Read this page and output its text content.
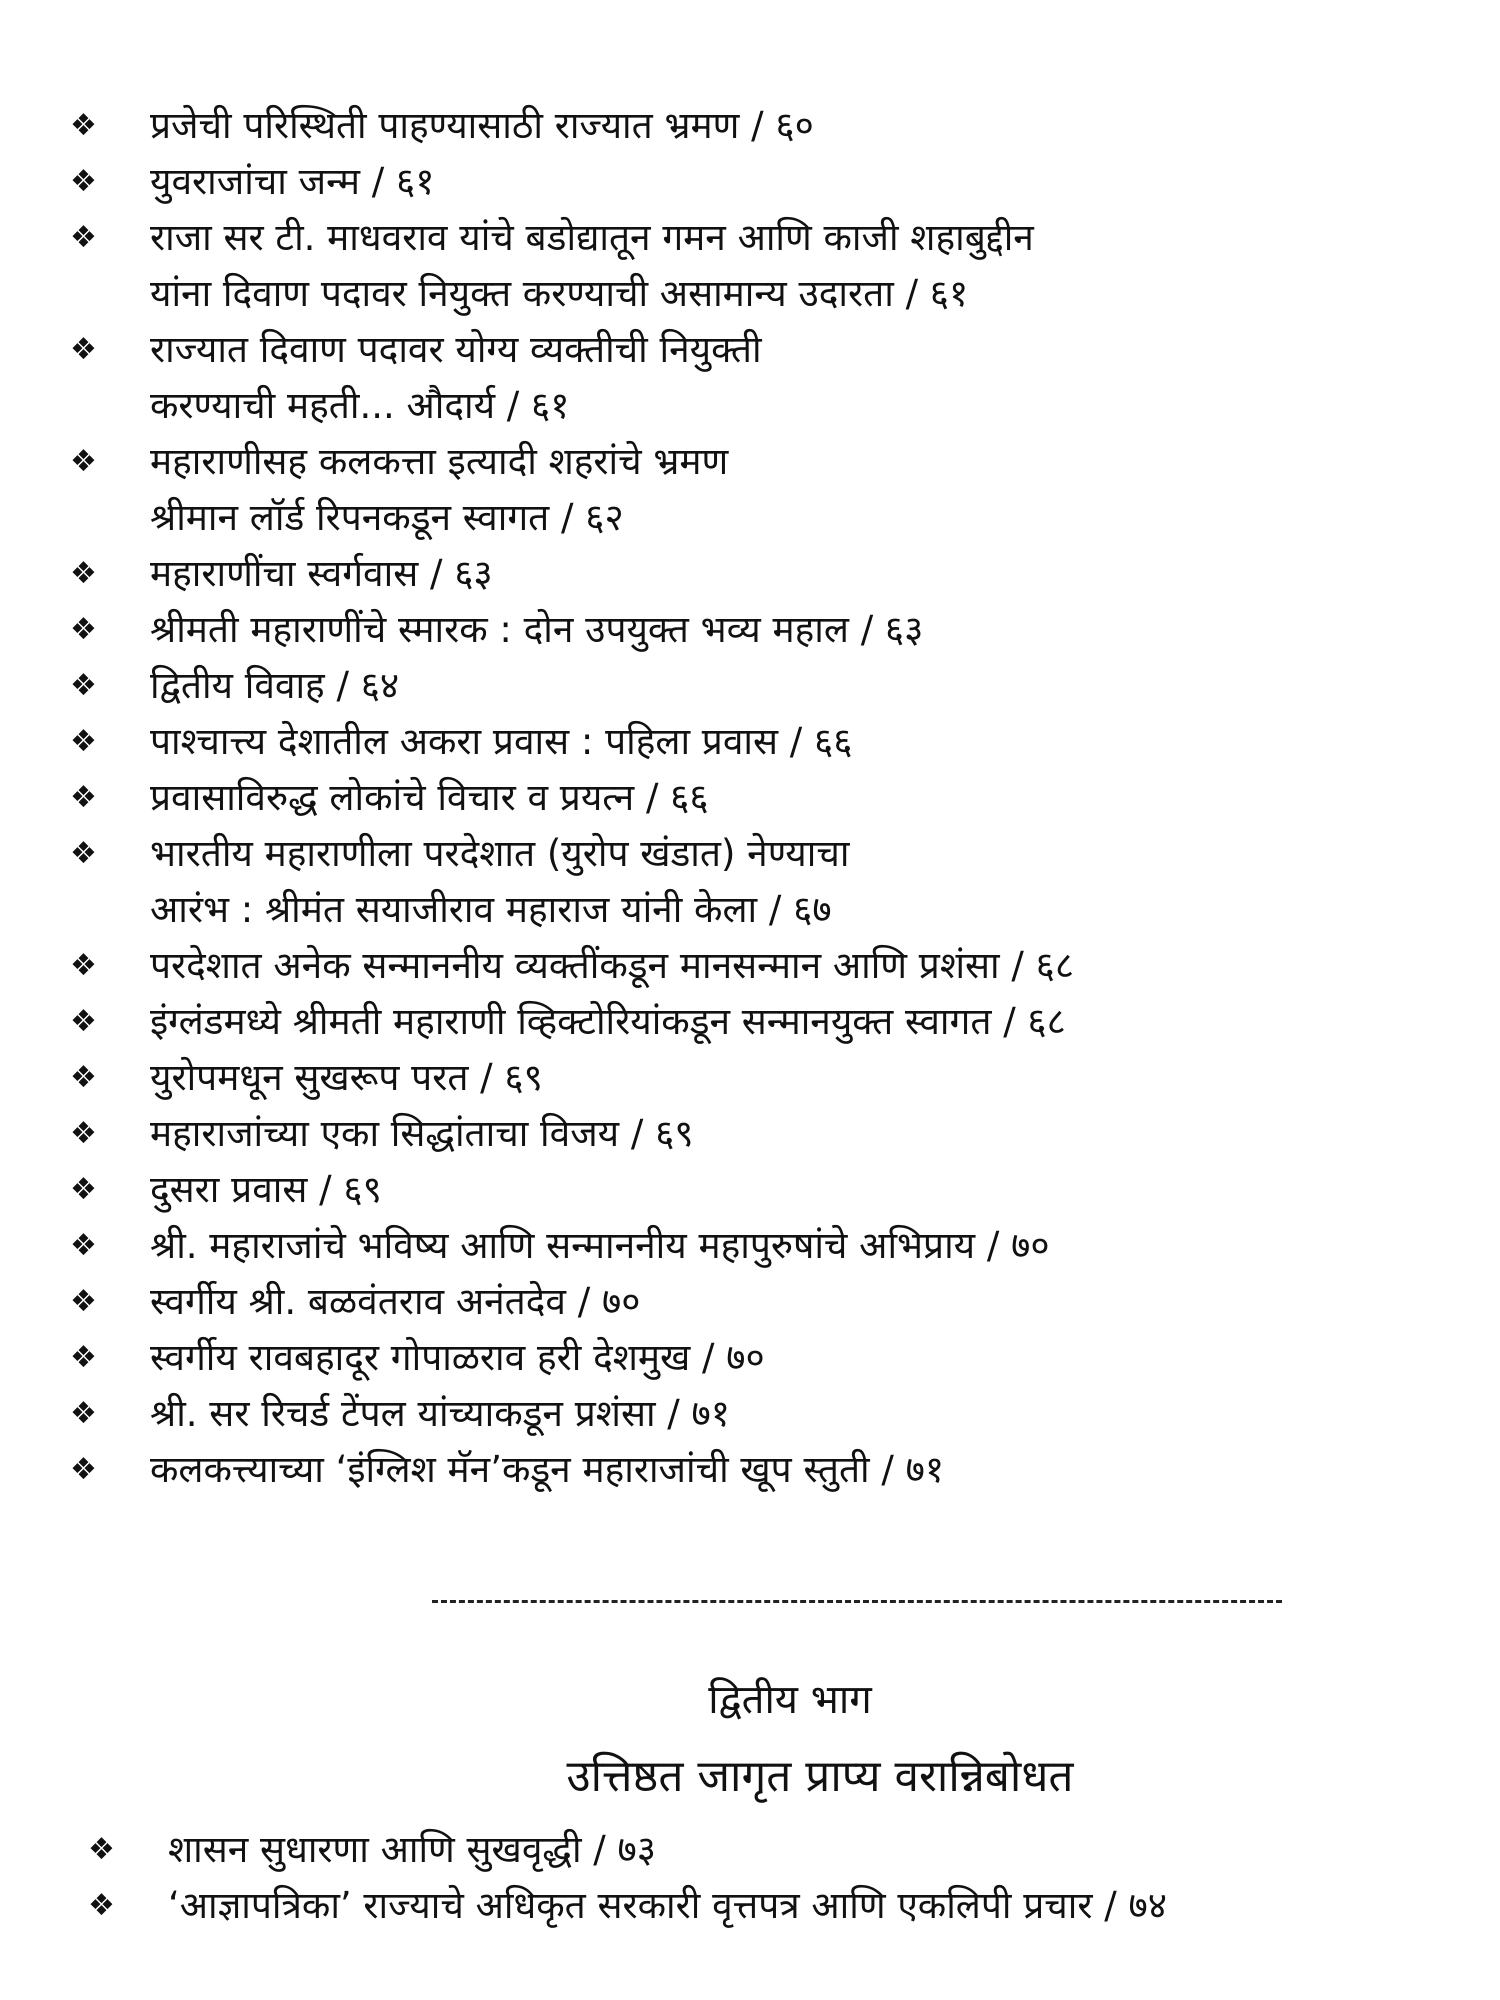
❖	प्रजेची परिस्थिती पाहण्यासाठी राज्यात भ्रमण / ६०
❖	युवराजांचा जन्म / ६१
❖	राजा सर टी. माधवराव यांचे बडोद्यातून गमन आणि काजी शहाबुद्दीन
यांना दिवाण पदावर नियुक्त करण्याची असामान्य उदारता / ६१
❖	राज्यात दिवाण पदावर योग्य व्यक्तीची नियुक्ती
करण्याची महती... औदार्य / ६१
❖	महाराणीसह कलकत्ता इत्यादी शहरांचे भ्रमण
श्रीमान लॉर्ड रिपनकडून स्वागत / ६२
❖	महाराणींचा स्वर्गवास / ६३
❖	श्रीमती महाराणींचे स्मारक : दोन उपयुक्त भव्य महाल / ६३
❖	द्वितीय विवाह / ६४
❖	पाश्चात्त्य देशातील अकरा प्रवास : पहिला प्रवास / ६६
❖	प्रवासाविरुद्ध लोकांचे विचार व प्रयत्न / ६६
❖	भारतीय महाराणीला परदेशात (युरोप खंडात) नेण्याचा
आरंभ : श्रीमंत सयाजीराव महाराज यांनी केला / ६७
❖	परदेशात अनेक सन्माननीय व्यक्तींकडून मानसन्मान आणि प्रशंसा / ६८
❖	इंग्लंडमध्ये श्रीमती महाराणी व्हिक्टोरियांकडून सन्मानयुक्त स्वागत / ६८
❖	युरोपमधून सुखरूप परत / ६९
❖	महाराजांच्या एका सिद्धांताचा विजय / ६९
❖	दुसरा प्रवास / ६९
❖	श्री. महाराजांचे भविष्य आणि सन्माननीय महापुरुषांचे अभिप्राय / ७०
❖	स्वर्गीय श्री. बळवंतराव अनंतदेव / ७०
❖	स्वर्गीय रावबहादूर गोपाळराव हरी देशमुख / ७०
❖	श्री. सर रिचर्ड टेंपल यांच्याकडून प्रशंसा / ७१
❖	कलकत्त्याच्या ‘इंग्लिश मॅन’कडून महाराजांची खूप स्तुती / ७१
द्वितीय भाग
उत्तिष्ठत जागृत प्राप्य वरान्निबोधत
❖	शासन सुधारणा आणि सुखवृद्धी / ७३
❖	‘आज्ञापत्रिका’ राज्याचे अधिकृत सरकारी वृत्तपत्र आणि एकलिपी प्रचार / ७४
